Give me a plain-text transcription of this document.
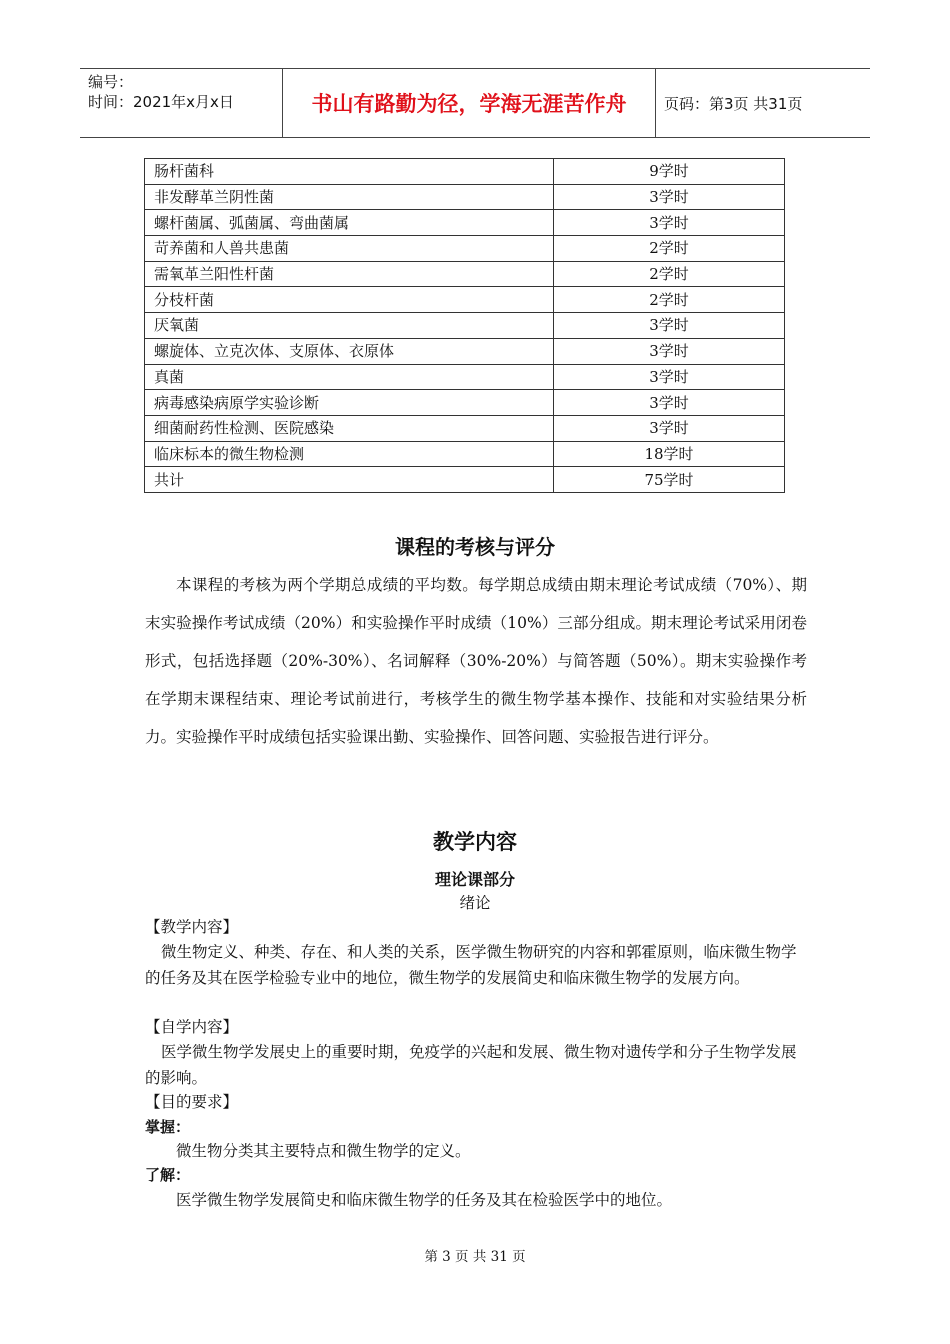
编号：
时间：2021年x月x日	书山有路勤为径，学海无涯苦作舟	页码：第3页 共31页
肠杆菌科	9学时
非发酵革兰阴性菌	3学时
螺杆菌属、弧菌属、弯曲菌属	3学时
苛养菌和人兽共患菌	2学时
需氧革兰阳性杆菌	2学时
分枝杆菌	2学时
厌氧菌	3学时
螺旋体、立克次体、支原体、衣原体	3学时
真菌	3学时
病毒感染病原学实验诊断	3学时
细菌耐药性检测、医院感染	3学时
临床标本的微生物检测	18学时
共计	75学时
课程的考核与评分
本课程的考核为两个学期总成绩的平均数。每学期总成绩由期末理论考试成绩（70%）、期末实验操作考试成绩（20%）和实验操作平时成绩（10%）三部分组成。期末理论考试采用闭卷形式，包括选择题（20%-30%）、名词解释（30%-20%）与简答题（50%）。期末实验操作考在学期末课程结束、理论考试前进行，考核学生的微生物学基本操作、技能和对实验结果分析力。实验操作平时成绩包括实验课出勤、实验操作、回答问题、实验报告进行评分。
教学内容
理论课部分
绪论
【教学内容】
微生物定义、种类、存在、和人类的关系，医学微生物研究的内容和郭霍原则，临床微生物学的任务及其在医学检验专业中的地位，微生物学的发展简史和临床微生物学的发展方向。
【自学内容】
医学微生物学发展史上的重要时期，免疫学的兴起和发展、微生物对遗传学和分子生物学发展的影响。
【目的要求】
掌握：
微生物分类其主要特点和微生物学的定义。
了解：
医学微生物学发展简史和临床微生物学的任务及其在检验医学中的地位。
第 3 页 共 31 页
